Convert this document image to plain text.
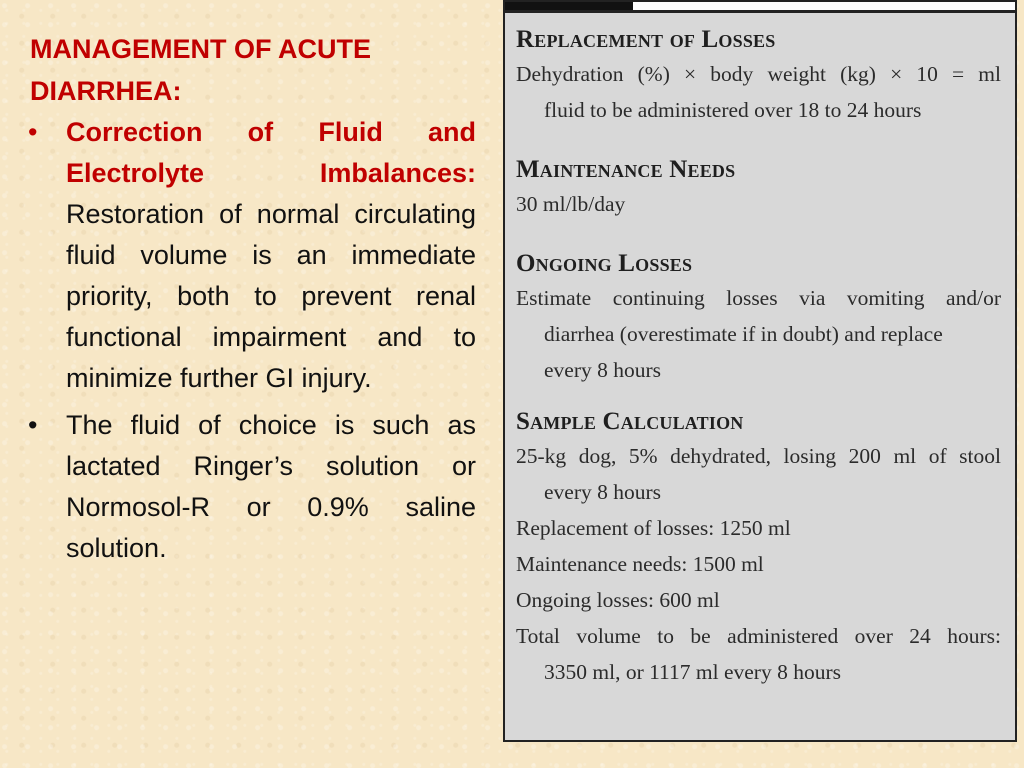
MANAGEMENT OF ACUTE
DIARRHEA:
• Correction of Fluid and Electrolyte Imbalances: Restoration of normal circulating fluid volume is an immediate priority, both to prevent renal functional impairment and to minimize further GI injury.
• The fluid of choice is such as lactated Ringer’s solution or Normosol-R or 0.9% saline solution.

Replacement of Losses

Dehydration (%) × body weight (kg) × 10 = ml
fluid to be administered over 18 to 24 hours

Maintenance Needs

30 ml/lb/day

Ongoing Losses

Estimate continuing losses via vomiting and/or
diarrhea (overestimate if in doubt) and replace
every 8 hours

Sample Calculation

25-kg dog, 5% dehydrated, losing 200 ml of stool
every 8 hours
Replacement of losses: 1250 ml
Maintenance needs: 1500 ml
Ongoing losses: 600 ml

Total volume to be administered over 24 hours:
3350 ml, or 1117 ml every 8 hours
